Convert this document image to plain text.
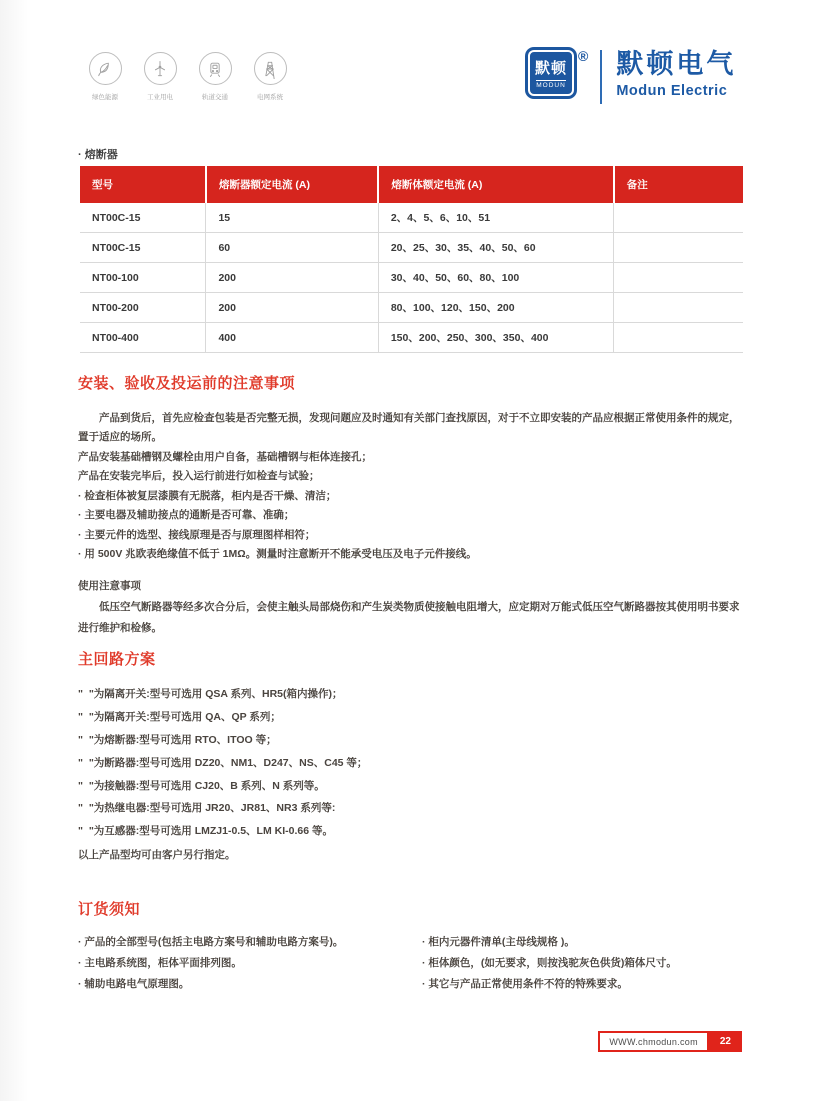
绿色能源	工业用电	轨道交通	电网系统
默顿
MODUN
® 默顿电气
Modun Electric
· 熔断器
型号	熔断器额定电流 (A)	熔断体额定电流 (A)	备注
NT00C-15	15	2、4、5、6、10、51	
NT00C-15	60	20、25、30、35、40、50、60	
NT00-100	200	30、40、50、60、80、100	
NT00-200	200	80、100、120、150、200	
NT00-400	400	150、200、250、300、350、400	
安装、验收及投运前的注意事项
产品到货后，首先应检查包装是否完整无损，发现问题应及时通知有关部门查找原因，对于不立即安装的产品应根据正常使用条件的规定，置于适应的场所。
产品安装基础槽钢及螺栓由用户自备，基础槽钢与柜体连接孔；
产品在安装完毕后，投入运行前进行如检查与试验；
· 检查柜体被复层漆膜有无脱落，柜内是否干燥、清洁；
· 主要电器及辅助接点的通断是否可靠、准确；
· 主要元件的选型、接线原理是否与原理图样相符；
· 用 500V 兆欧表绝缘值不低于 1MΩ。测量时注意断开不能承受电压及电子元件接线。
使用注意事项
低压空气断路器等经多次合分后，会使主触头局部烧伤和产生炭类物质使接触电阻增大，应定期对万能式低压空气断路器按其使用明书要求进行维护和检修。
主回路方案
"  "为隔离开关:型号可选用 QSA 系列、HR5(箱内操作)；
"  "为隔离开关:型号可选用 QA、QP 系列；
"  "为熔断器:型号可选用 RTO、ITOO 等；
"  "为断路器:型号可选用 DZ20、NM1、D247、NS、C45 等；
"  "为接触器:型号可选用 CJ20、B 系列、N 系列等。
"  "为热继电器:型号可选用 JR20、JR81、NR3 系列等:
"  "为互感器:型号可选用 LMZJ1-0.5、LM KI-0.66 等。
以上产品型均可由客户另行指定。
订货须知
· 产品的全部型号(包括主电路方案号和辅助电路方案号)。
· 主电路系统图，柜体平面排列图。
· 辅助电路电气原理图。
· 柜内元器件清单(主母线规格 )。
· 柜体颜色，(如无要求，则按浅驼灰色供货)箱体尺寸。
· 其它与产品正常使用条件不符的特殊要求。
WWW.chmodun.com	22
